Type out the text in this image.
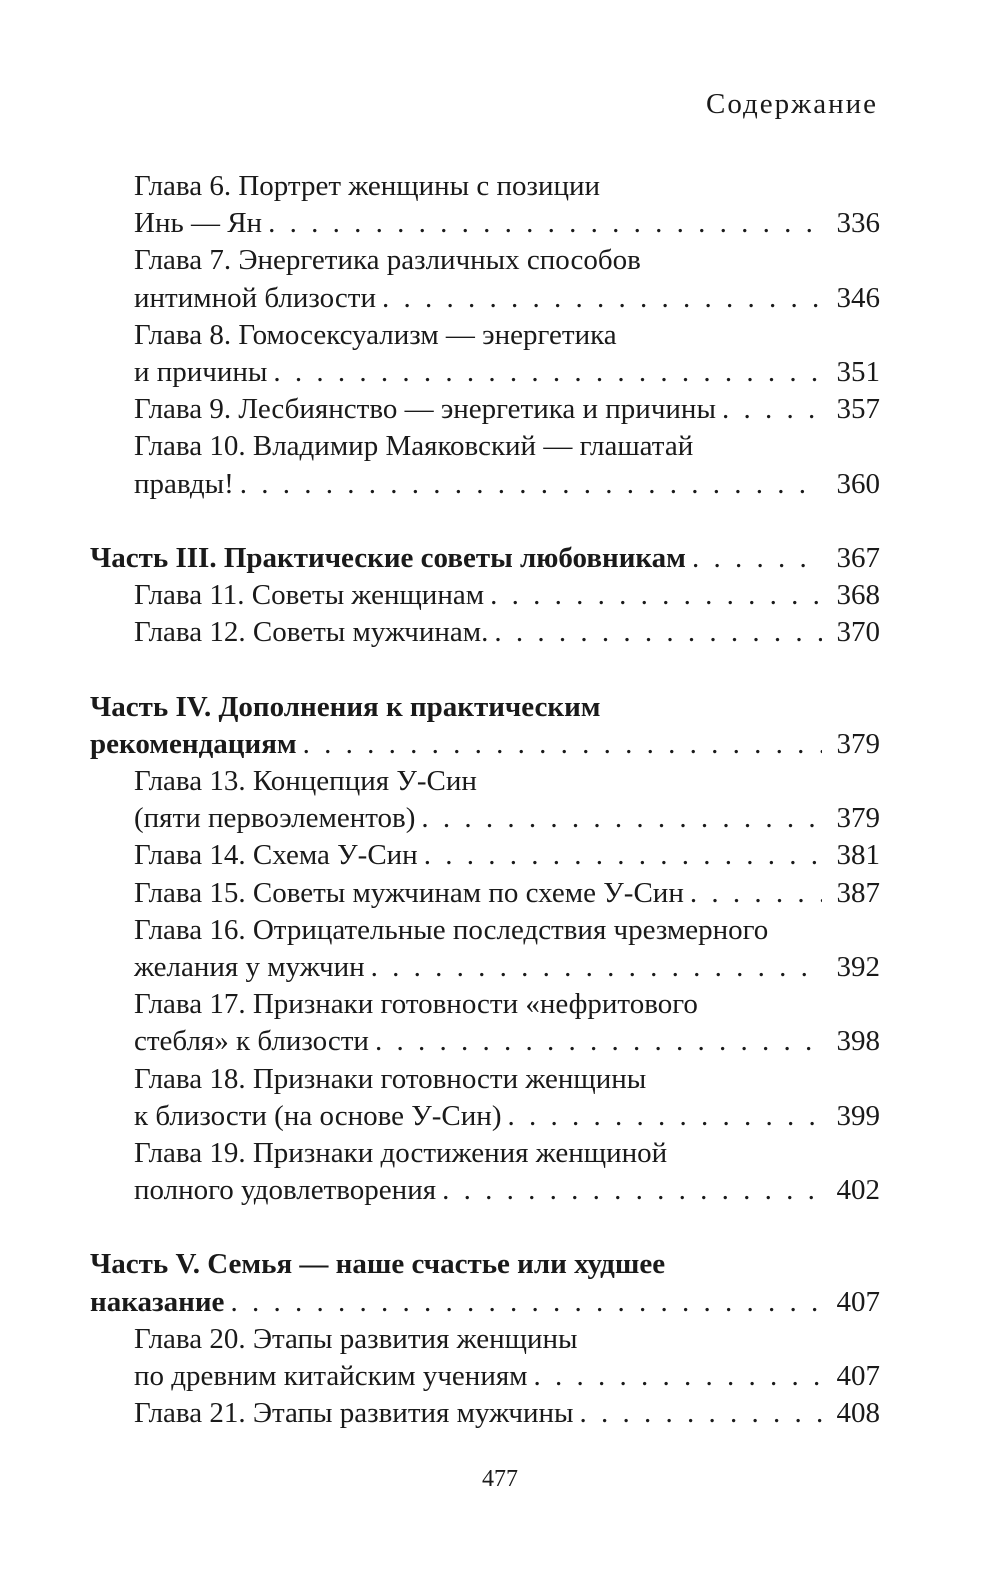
Содержание
Глава 6. Портрет женщины с позиции
Инь — Ян . . .	336
Глава 7. Энергетика различных способов
интимной близости . . .	346
Глава 8. Гомосексуализм — энергетика
и причины . . .	351
Глава 9. Лесбиянство — энергетика и причины . . .	357
Глава 10. Владимир Маяковский — глашатай
правды! . . .	360
Часть III. Практические советы любовникам . . .	367
Глава 11. Советы женщинам . . .	368
Глава 12. Советы мужчинам. . . .	370
Часть IV. Дополнения к практическим
рекомендациям . . .	379
Глава 13. Концепция У-Син
(пяти первоэлементов) . . .	379
Глава 14. Схема У-Син . . .	381
Глава 15. Советы мужчинам по схеме У-Син . . .	387
Глава 16. Отрицательные последствия чрезмерного
желания у мужчин . . .	392
Глава 17. Признаки готовности «нефритового
стебля» к близости . . .	398
Глава 18. Признаки готовности женщины
к близости (на основе У-Син) . . .	399
Глава 19. Признаки достижения женщиной
полного удовлетворения . . .	402
Часть V. Семья — наше счастье или худшее
наказание . . .	407
Глава 20. Этапы развития женщины
по древним китайским учениям . . .	407
Глава 21. Этапы развития мужчины . . .	408
477
